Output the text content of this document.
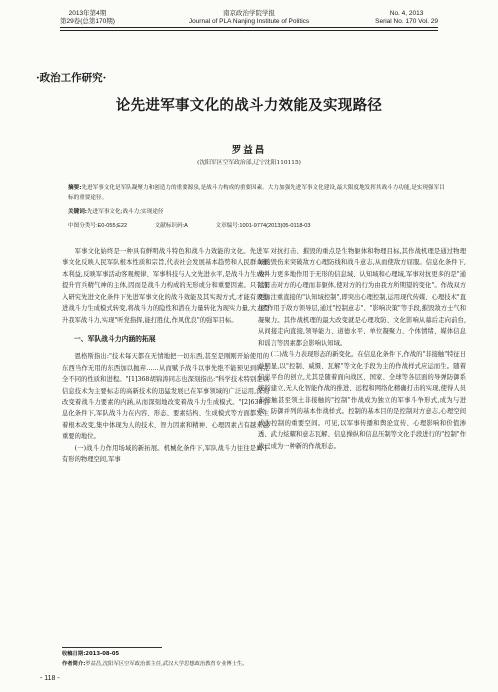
2013年第4期
第29卷(总第170期)
南京政治学院学报
Journal of PLA Nanjing Institute of Politics
No. 4, 2013
Serial No. 170 Vol. 29
·政治工作研究·
论先进军事文化的战斗力效能及实现路径
罗益昌
(沈阳军区空军政治部,辽宁沈阳110115)
摘要:先进军事文化是军队凝聚力和创造力的重要源泉,是战斗力构成的重要因素。大力加强先进军事文化建设,最大限度地发挥其战斗力功能,是实现强军目标的重要途径。
关键词:先进军事文化;战斗力;实现途径
中图分类号:E0-055;E22	文献标识码:A	文章编号:1001-9774(2013)05-0118-03

军事文化始终是一种具有鲜明战斗特色和战斗力效能的文化。先进军事文化反映人民军队根本性质和宗旨,代表社会发展基本趋势和人民群众根本利益,反映军事活动客观规律、军事科技与人文先进水平,是战斗力生成中提升官兵精气神的主体,因而是战斗力构成的无形或分和重要因素。只有深入研究先进文化条件下先进军事文化的战斗效能及其实现方式,才能有效推进战斗力生成模式转变,将战斗力的隐性和潜在力量转化为现实力量,大力提升我军战斗力,实现"听党指挥,能打胜仗,作风优良"的强军目标。

一、军队战斗力内涵的拓展

恩格斯指出:"技术每天都在无情地把一切东西,甚至是刚刚开始使用的东西当作无用的东西加以抛弃……从而赋予战斗以事先绝不能预见到的完全不同的性质和进程。"[1]368胡锦涛同志也深刻指出:"科学技术特别是以信息技术为主要标志的高新技术的迅猛发展已在军事领域的广泛运用,深刻改变着战斗力要素的内涵,从而深刻地改变着战斗力生成模式。"[2]638信息化条件下,军队战斗力在内容、形态、要素结构、生成模式等方面都发生着根本改变,集中体现为人的技术、智力因素和精神、心理因素占有越来越重要的地位。

(一)战斗力作用场域的新拓展。机械化条件下,军队战斗力往往是属于有形的物理空间,军事

对抗打击、摧毁的重点是生物躯体和物理目标,其作战机理是通过物理域的毁伤来突破敌方心理防线和战斗意志,从而使敌方屈服。信息化条件下,战斗力更多地作用于无形的信息域、认知域和心理域,军事对抗更多的是"通过打击对方的心理而非躯体,使对方的行为由我方所期望的变化"。作战双方更加注重直接的"认知域控制",即突出心理控制,运用现代传媒、心理技术"直接"作用于敌方领导层,通过"控制意志"、"影响决策"等手段,摧毁敌方士气和凝聚力。其作战机理的最大改变就是心理攻防、文化影响从幕后走向前台,从间接走向直接,领导能力、道德水平、单位凝聚力、个体情绪、媒体信息和谣言等因素都会影响认知域。

(二)战斗力表现形态的新变化。在信息化条件下,作战的"非接触"特征日益明显,以"控制、威慑、瓦解"等文化手段为主的作战样式应运而生。随着信息平台的创立,尤其是随着面向战区、国家、全球等各层面的导弹防御系统的建立,无人化智能作战的推进、远程和网络化精确打击的实现,使得人员非接触甚至领土非接触的"控制"作战成为独立的军事斗争形式,成为与进攻、防御并列的基本作战样式。控制的基本目的是控制对方意志,心理空间成为控制的重要空间。可见,以军事传播和舆论宣传、心理影响和价值渗透、武力炫耀和意志瓦解、信息操纵和信息压制等文化手段进行的"控制"作战已成为一种新的作战形态。

收稿日期:2013-08-05
作者简介:罗益昌,沈阳军区空军政治部主任,武汉大学思想政治教育专业博士生。
- 118 -
